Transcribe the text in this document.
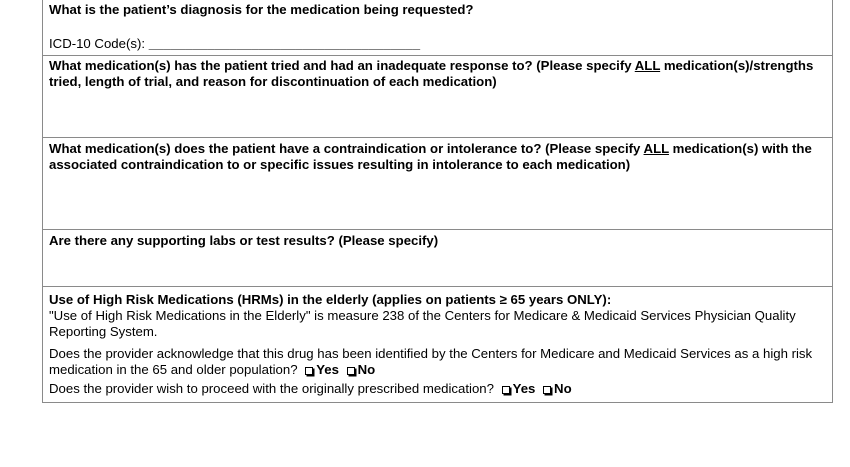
What is the patient’s diagnosis for the medication being requested?
ICD-10 Code(s): _____________________________________
What medication(s) has the patient tried and had an inadequate response to? (Please specify ALL medication(s)/strengths tried, length of trial, and reason for discontinuation of each medication)
What medication(s) does the patient have a contraindication or intolerance to? (Please specify ALL medication(s) with the associated contraindication to or specific issues resulting in intolerance to each medication)
Are there any supporting labs or test results? (Please specify)
Use of High Risk Medications (HRMs) in the elderly (applies on patients ≥ 65 years ONLY):
"Use of High Risk Medications in the Elderly" is measure 238 of the Centers for Medicare & Medicaid Services Physician Quality Reporting System.
Does the provider acknowledge that this drug has been identified by the Centers for Medicare and Medicaid Services as a high risk medication in the 65 and older population? Yes No
Does the provider wish to proceed with the originally prescribed medication? Yes No
